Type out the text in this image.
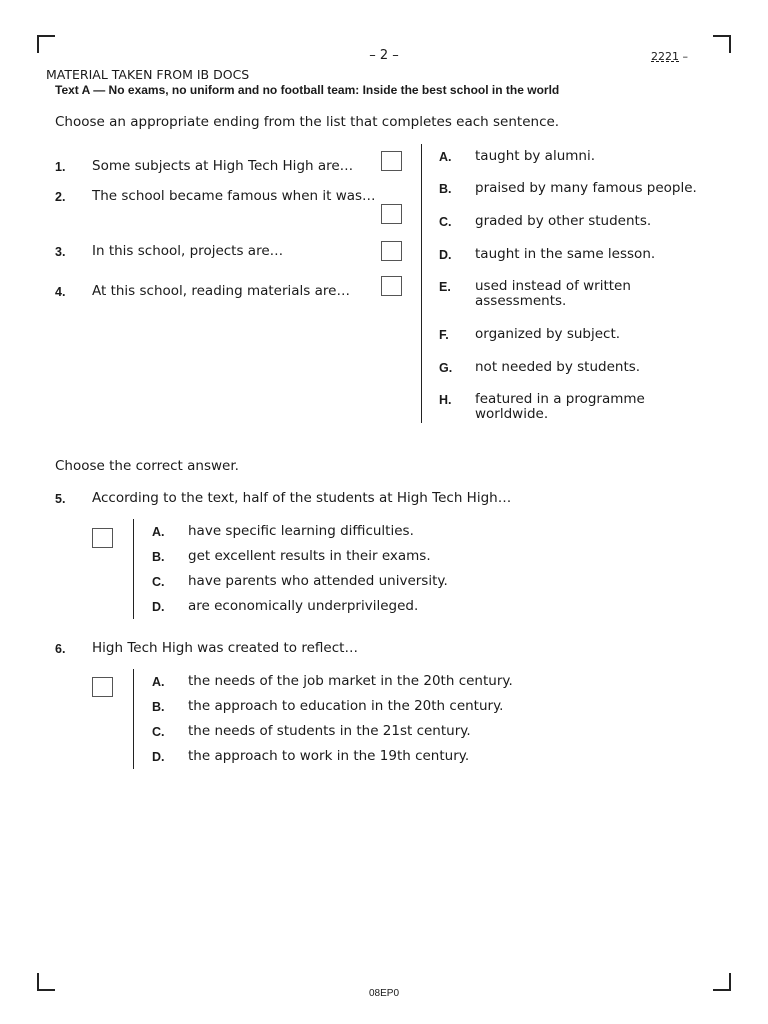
– 2 –	2221 –
MATERIAL TAKEN FROM IB DOCS
Text A — No exams, no uniform and no football team: Inside the best school in the world
Choose an appropriate ending from the list that completes each sentence.
1. Some subjects at High Tech High are…
2. The school became famous when it was…
3. In this school, projects are…
4. At this school, reading materials are…
A. taught by alumni.
B. praised by many famous people.
C. graded by other students.
D. taught in the same lesson.
E. used instead of written
assessments.
F. organized by subject.
G. not needed by students.
H. featured in a programme
worldwide.
Choose the correct answer.
5. According to the text, half of the students at High Tech High…
A. have specific learning difficulties.
B. get excellent results in their exams.
C. have parents who attended university.
D. are economically underprivileged.
6. High Tech High was created to reflect…
A. the needs of the job market in the 20th century.
B. the approach to education in the 20th century.
C. the needs of students in the 21st century.
D. the approach to work in the 19th century.
08EP0
